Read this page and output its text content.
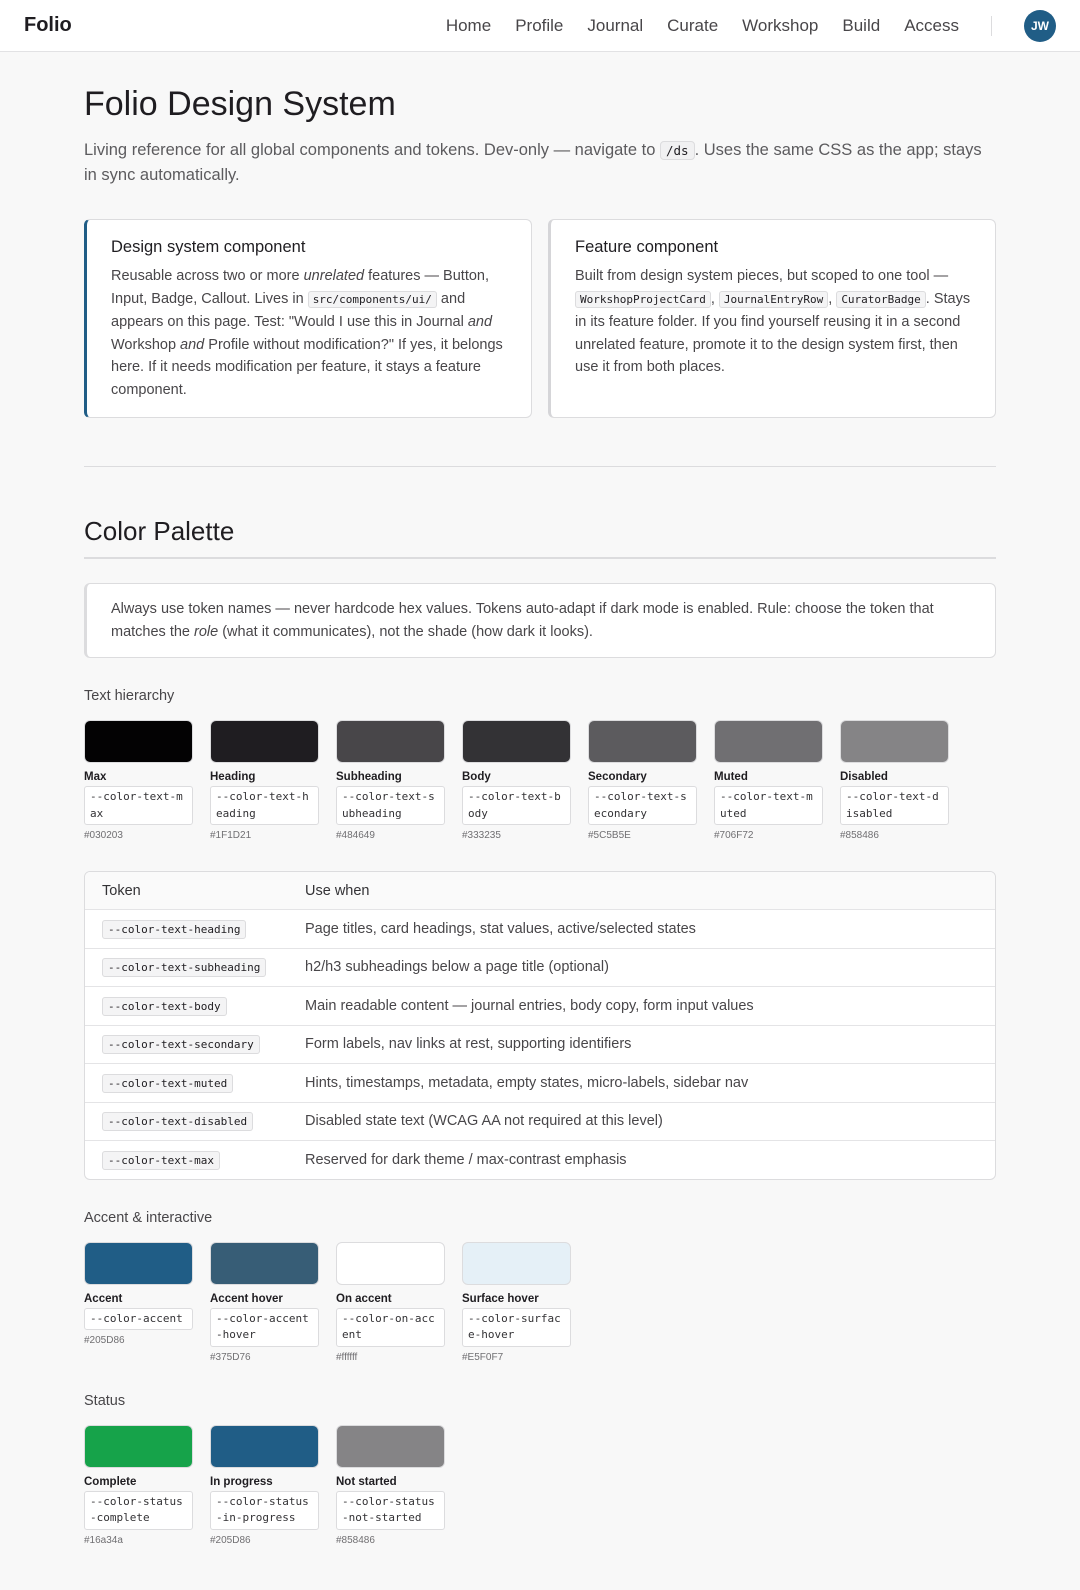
Folio	Home Profile Journal Curate Workshop Build Access	JW
Folio Design System

Living reference for all global components and tokens. Dev-only — navigate to /ds . Uses the same CSS as the app; stays in sync automatically.

Design system component

Reusable across two or more unrelated features — Button, Input, Badge, Callout. Lives in src/components/ui/ and appears on this page. Test: "Would I use this in Journal and Workshop and Profile without modification?" If yes, it belongs here. If it needs modification per feature, it stays a feature component.

Feature component

Built from design system pieces, but scoped to one tool — WorkshopProjectCard , JournalEntryRow , CuratorBadge . Stays in its feature folder. If you find yourself reusing it in a second unrelated feature, promote it to the design system first, then use it from both places.

Color Palette
Always use token names — never hardcode hex values. Tokens auto-adapt if dark mode is enabled. Rule: choose the token that matches the role (what it communicates), not the shade (how dark it looks).
Text hierarchy
Max
--color-text-max
#030203
Heading
--color-text-heading
#1F1D21
Subheading
--color-text-subheading
#484649
Body
--color-text-body
#333235
Secondary
--color-text-secondary
#5C5B5E
Muted
--color-text-muted
#706F72
Disabled
--color-text-disabled
#858486
Token	Use when
--color-text-heading	Page titles, card headings, stat values, active/selected states
--color-text-subheading	h2/h3 subheadings below a page title (optional)
--color-text-body	Main readable content — journal entries, body copy, form input values
--color-text-secondary	Form labels, nav links at rest, supporting identifiers
--color-text-muted	Hints, timestamps, metadata, empty states, micro-labels, sidebar nav
--color-text-disabled	Disabled state text (WCAG AA not required at this level)
--color-text-max	Reserved for dark theme / max-contrast emphasis
Accent & interactive
Accent
--color-accent
#205D86
Accent hover
--color-accent-hover
#375D76
On accent
--color-on-accent
#ffffff
Surface hover
--color-surface-hover
#E5F0F7
Status
Complete
--color-status-complete
#16a34a
In progress
--color-status-in-progress
#205D86
Not started
--color-status-not-started
#858486
